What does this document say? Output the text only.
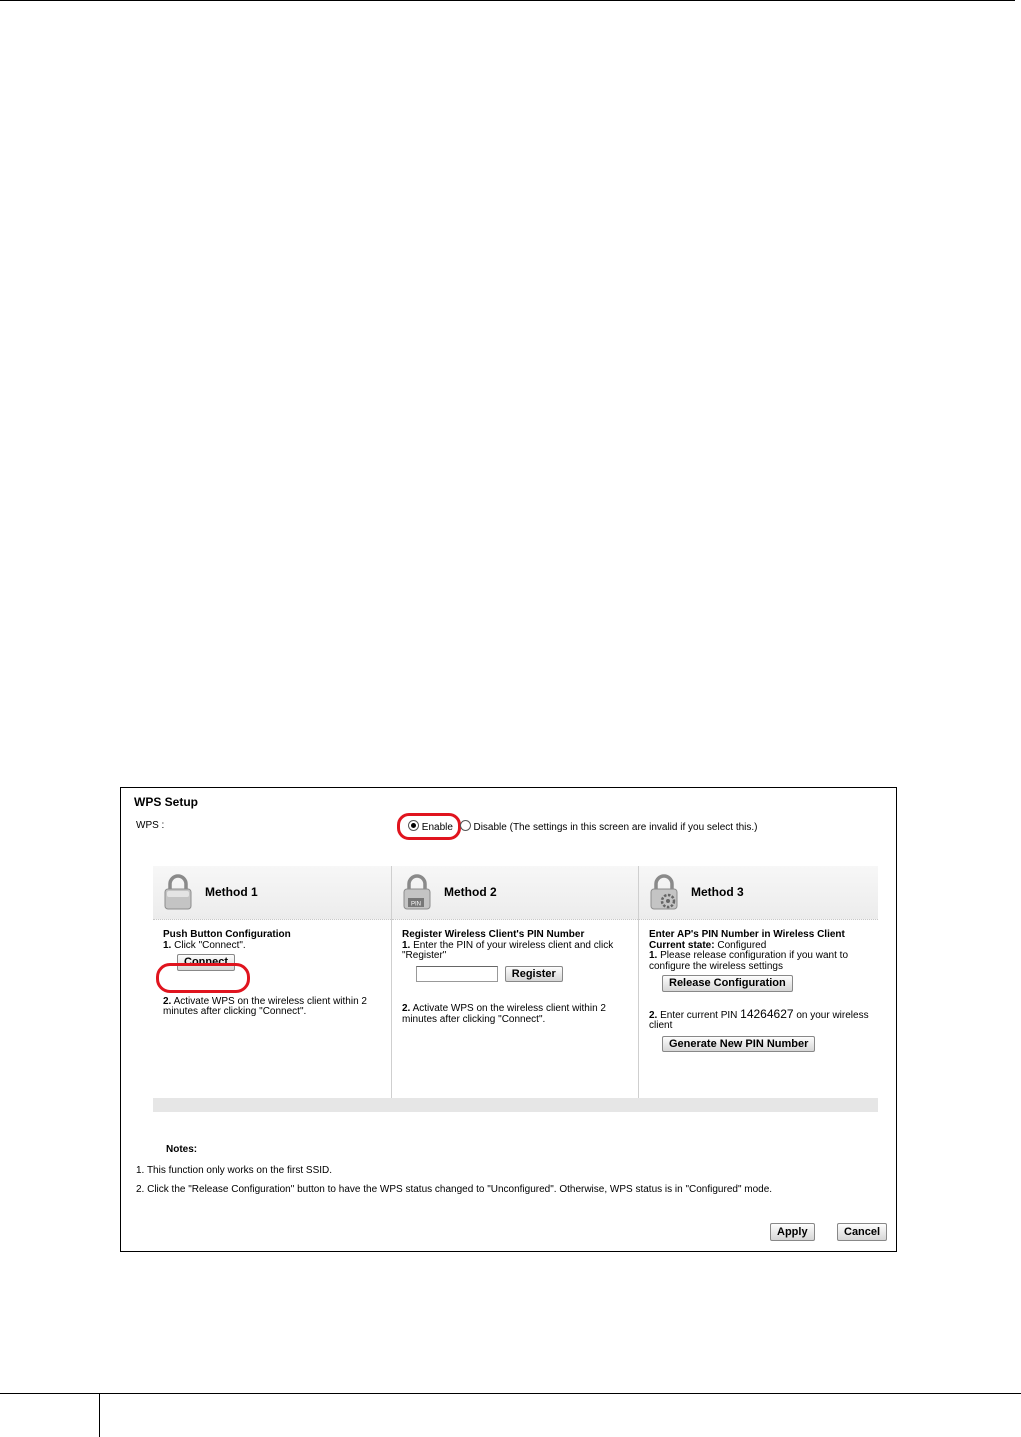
WPS Setup
WPS :	Enable Disable (The settings in this screen are invalid if you select this.)
Method 1
Push Button Configuration
1. Click "Connect".
Connect
2. Activate WPS on the wireless client within 2 minutes after clicking "Connect".
PIN
Method 2
Register Wireless Client's PIN Number
1. Enter the PIN of your wireless client and click "Register"
Register
2. Activate WPS on the wireless client within 2 minutes after clicking "Connect".
Method 3
Enter AP's PIN Number in Wireless Client
Current state: Configured
1. Please release configuration if you want to configure the wireless settings
Release Configuration
2. Enter current PIN 14264627 on your wireless client
Generate New PIN Number
Notes:
1. This function only works on the first SSID.
2. Click the "Release Configuration" button to have the WPS status changed to "Unconfigured". Otherwise, WPS status is in "Configured" mode.
Apply	Cancel
